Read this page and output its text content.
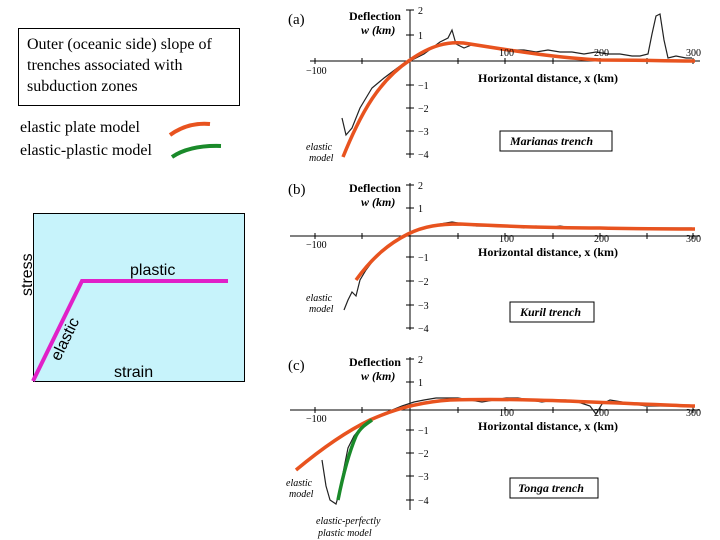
Outer (oceanic side) slope of trenches associated with subduction zones
elastic plate model
elastic-plastic model
plastic
strain
stress
elastic
(a)	Deflection
w (km)
Horizontal distance, x (km)
−100
100	200	300
2
1
−1
−2
−3
−4
Marianas trench
elastic
model
(b)	Deflection
w (km)
Horizontal distance, x (km)
−100
100	200	300
2
1
−1
−2
−3
−4
Kuril trench
elastic
model
(c)	Deflection
w (km)
Horizontal distance, x (km)
−100
100	200	300
2
1
−1
−2
−3
−4
Tonga trench
elastic
model
elastic-perfectly
plastic model
